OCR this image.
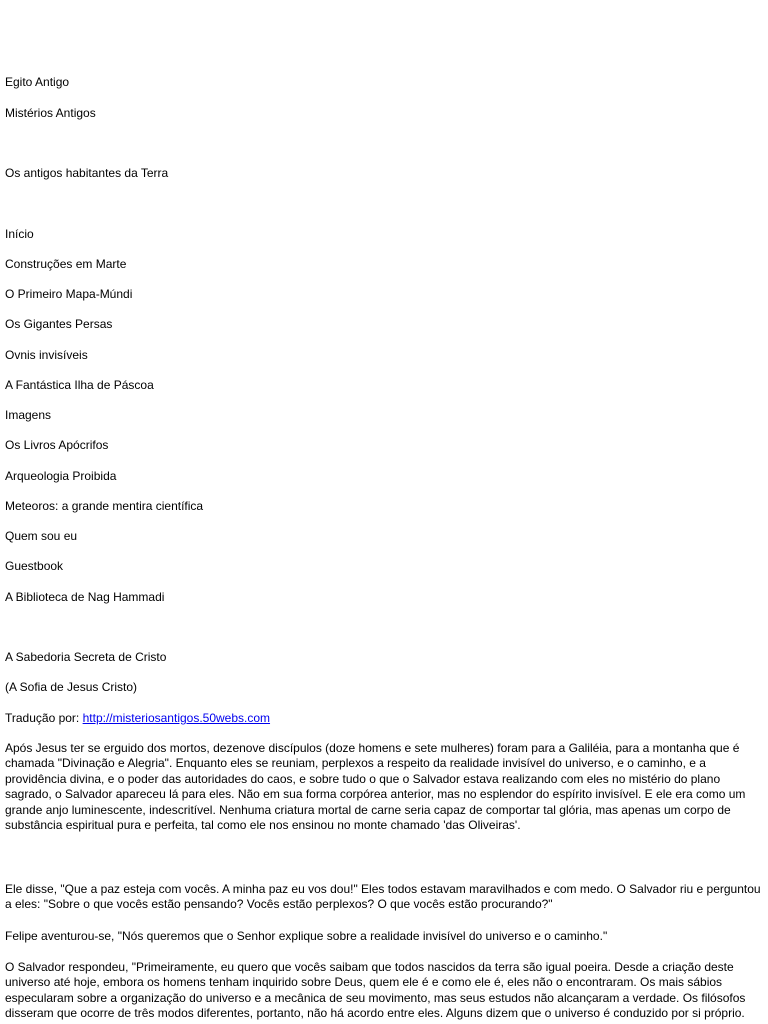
Egito Antigo
Mistérios Antigos
Os antigos habitantes da Terra
Início
Construções em Marte
O Primeiro Mapa-Múndi
Os Gigantes Persas
Ovnis invisíveis
A Fantástica Ilha de Páscoa
Imagens
Os Livros Apócrifos
Arqueologia Proibida
Meteoros: a grande mentira científica
Quem sou eu
Guestbook
A Biblioteca de Nag Hammadi
A Sabedoria Secreta de Cristo
(A Sofia de Jesus Cristo)
Tradução por: http://misteriosantigos.50webs.com

Após Jesus ter se erguido dos mortos, dezenove discípulos (doze homens e sete mulheres) foram para a Galiléia, para a montanha que é chamada "Divinação e Alegria". Enquanto eles se reuniam, perplexos a respeito da realidade invisível do universo, e o caminho, e a providência divina, e o poder das autoridades do caos, e sobre tudo o que o Salvador estava realizando com eles no mistério do plano sagrado, o Salvador apareceu lá para eles. Não em sua forma corpórea anterior, mas no esplendor do espírito invisível. E ele era como um grande anjo luminescente, indescritível. Nenhuma criatura mortal de carne seria capaz de comportar tal glória, mas apenas um corpo de substância espiritual pura e perfeita, tal como ele nos ensinou no monte chamado 'das Oliveiras'.

Ele disse, "Que a paz esteja com vocês. A minha paz eu vos dou!" Eles todos estavam maravilhados e com medo. O Salvador riu e perguntou a eles: "Sobre o que vocês estão pensando? Vocês estão perplexos? O que vocês estão procurando?"

Felipe aventurou-se, "Nós queremos que o Senhor explique sobre a realidade invisível do universo e o caminho."

O Salvador respondeu, "Primeiramente, eu quero que vocês saibam que todos nascidos da terra são igual poeira. Desde a criação deste universo até hoje, embora os homens tenham inquirido sobre Deus, quem ele é e como ele é, eles não o encontraram. Os mais sábios especularam sobre a organização do universo e a mecânica de seu movimento, mas seus estudos não alcançaram a verdade. Os filósofos disseram que ocorre de três modos diferentes, portanto, não há acordo entre eles. Alguns dizem que o universo é conduzido por si próprio.
